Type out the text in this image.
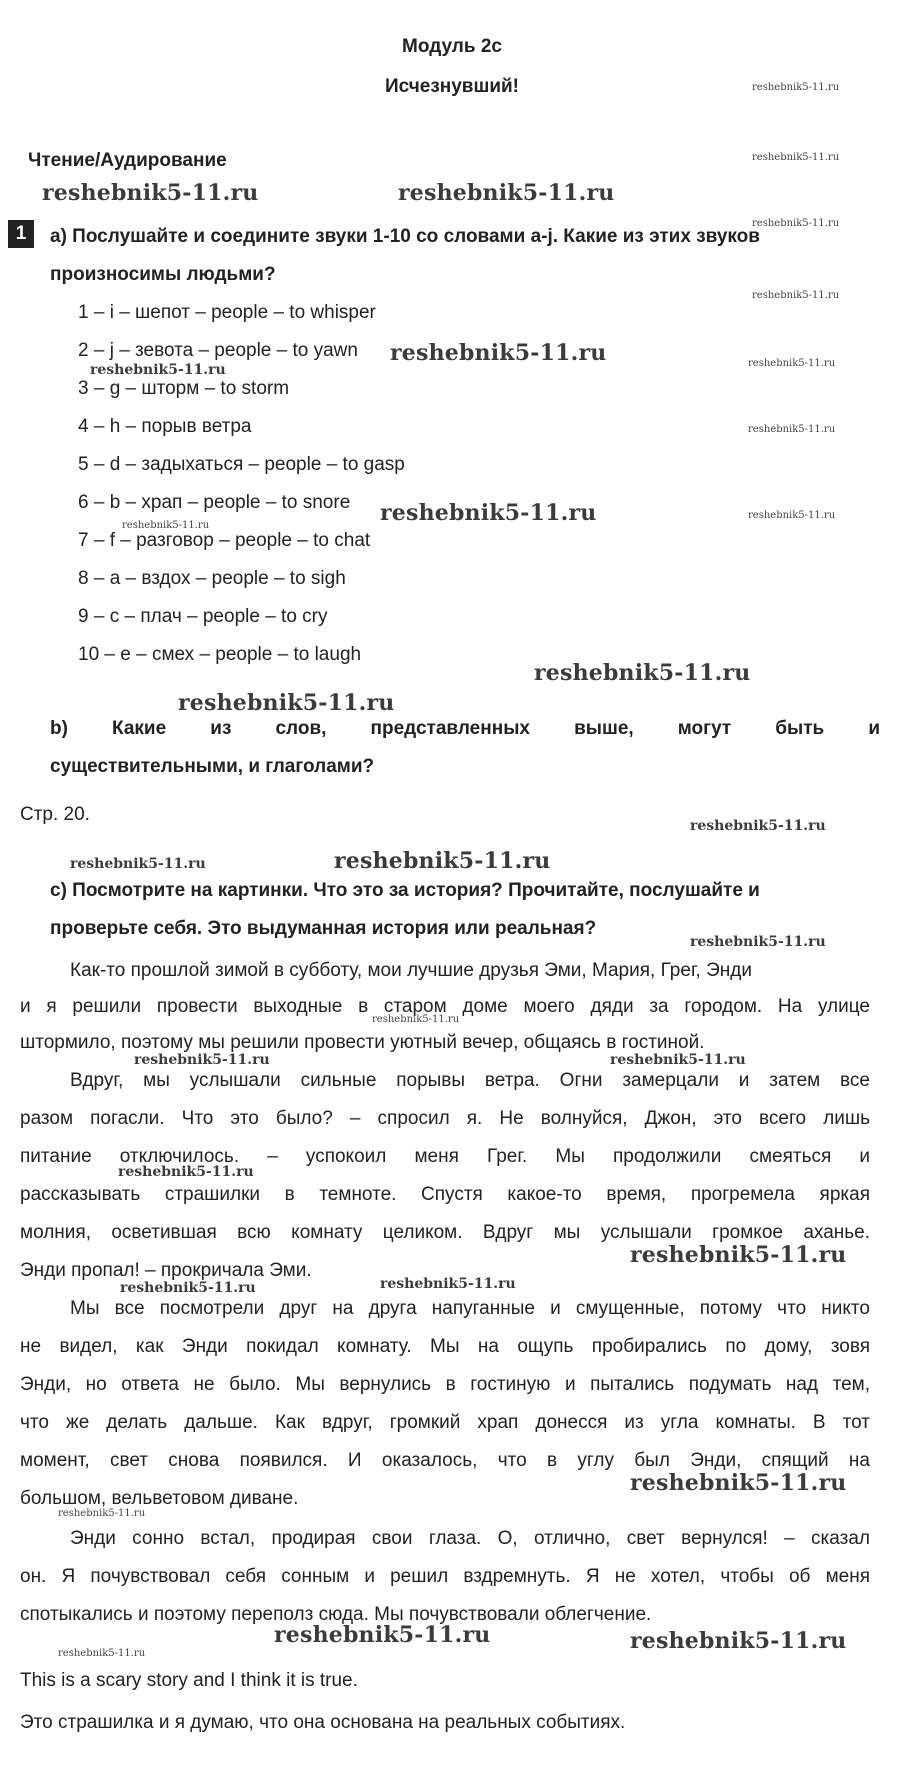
Модуль 2с
Исчезнувший!
Чтение/Аудирование
1	a) Послушайте и соедините звуки 1-10 со словами a-j. Какие из этих звуков
произносимы людьми?
1 – i – шепот – people – to whisper
2 – j – зевота – people – to yawn
3 – g – шторм – to storm
4 – h – порыв ветра
5 – d – задыхаться – people – to gasp
6 – b – храп – people – to snore
7 – f – разговор – people – to chat
8 – a – вздох – people – to sigh
9 – c – плач – people – to cry
10 – e – смех – people – to laugh
b) Какие из слов, представленных выше, могут быть и
существительными, и глаголами?
Стр. 20.
c) Посмотрите на картинки. Что это за история? Прочитайте, послушайте и
проверьте себя. Это выдуманная история или реальная?
Как-то прошлой зимой в субботу, мои лучшие друзья Эми, Мария, Грег, Энди
и я решили провести выходные в старом доме моего дяди за городом. На улице
штормило, поэтому мы решили провести уютный вечер, общаясь в гостиной.
Вдруг, мы услышали сильные порывы ветра. Огни замерцали и затем все
разом погасли. Что это было? – спросил я. Не волнуйся, Джон, это всего лишь
питание отключилось. – успокоил меня Грег. Мы продолжили смеяться и
рассказывать страшилки в темноте. Спустя какое-то время, прогремела яркая
молния, осветившая всю комнату целиком. Вдруг мы услышали громкое аханье.
Энди пропал! – прокричала Эми.
Мы все посмотрели друг на друга напуганные и смущенные, потому что никто
не видел, как Энди покидал комнату. Мы на ощупь пробирались по дому, зовя
Энди, но ответа не было. Мы вернулись в гостиную и пытались подумать над тем,
что же делать дальше. Как вдруг, громкий храп донесся из угла комнаты. В тот
момент, свет снова появился. И оказалось, что в углу был Энди, спящий на
большом, вельветовом диване.
Энди сонно встал, продирая свои глаза. О, отлично, свет вернулся! – сказал
он. Я почувствовал себя сонным и решил вздремнуть. Я не хотел, чтобы об меня
спотыкались и поэтому переполз сюда. Мы почувствовали облегчение.
This is a scary story and I think it is true.
Это страшилка и я думаю, что она основана на реальных событиях.
reshebnik5-11.ru
reshebnik5-11.ru
reshebnik5-11.ru	reshebnik5-11.ru
reshebnik5-11.ru
reshebnik5-11.ru
reshebnik5-11.ru	reshebnik5-11.ru
reshebnik5-11.ru
reshebnik5-11.ru
reshebnik5-11.ru	reshebnik5-11.ru
reshebnik5-11.ru
reshebnik5-11.ru
reshebnik5-11.ru
reshebnik5-11.ru
reshebnik5-11.ru	reshebnik5-11.ru
reshebnik5-11.ru
reshebnik5-11.ru
reshebnik5-11.ru	reshebnik5-11.ru
reshebnik5-11.ru
reshebnik5-11.ru
reshebnik5-11.ru	reshebnik5-11.ru
reshebnik5-11.ru
reshebnik5-11.ru
reshebnik5-11.ru	reshebnik5-11.ru
reshebnik5-11.ru
